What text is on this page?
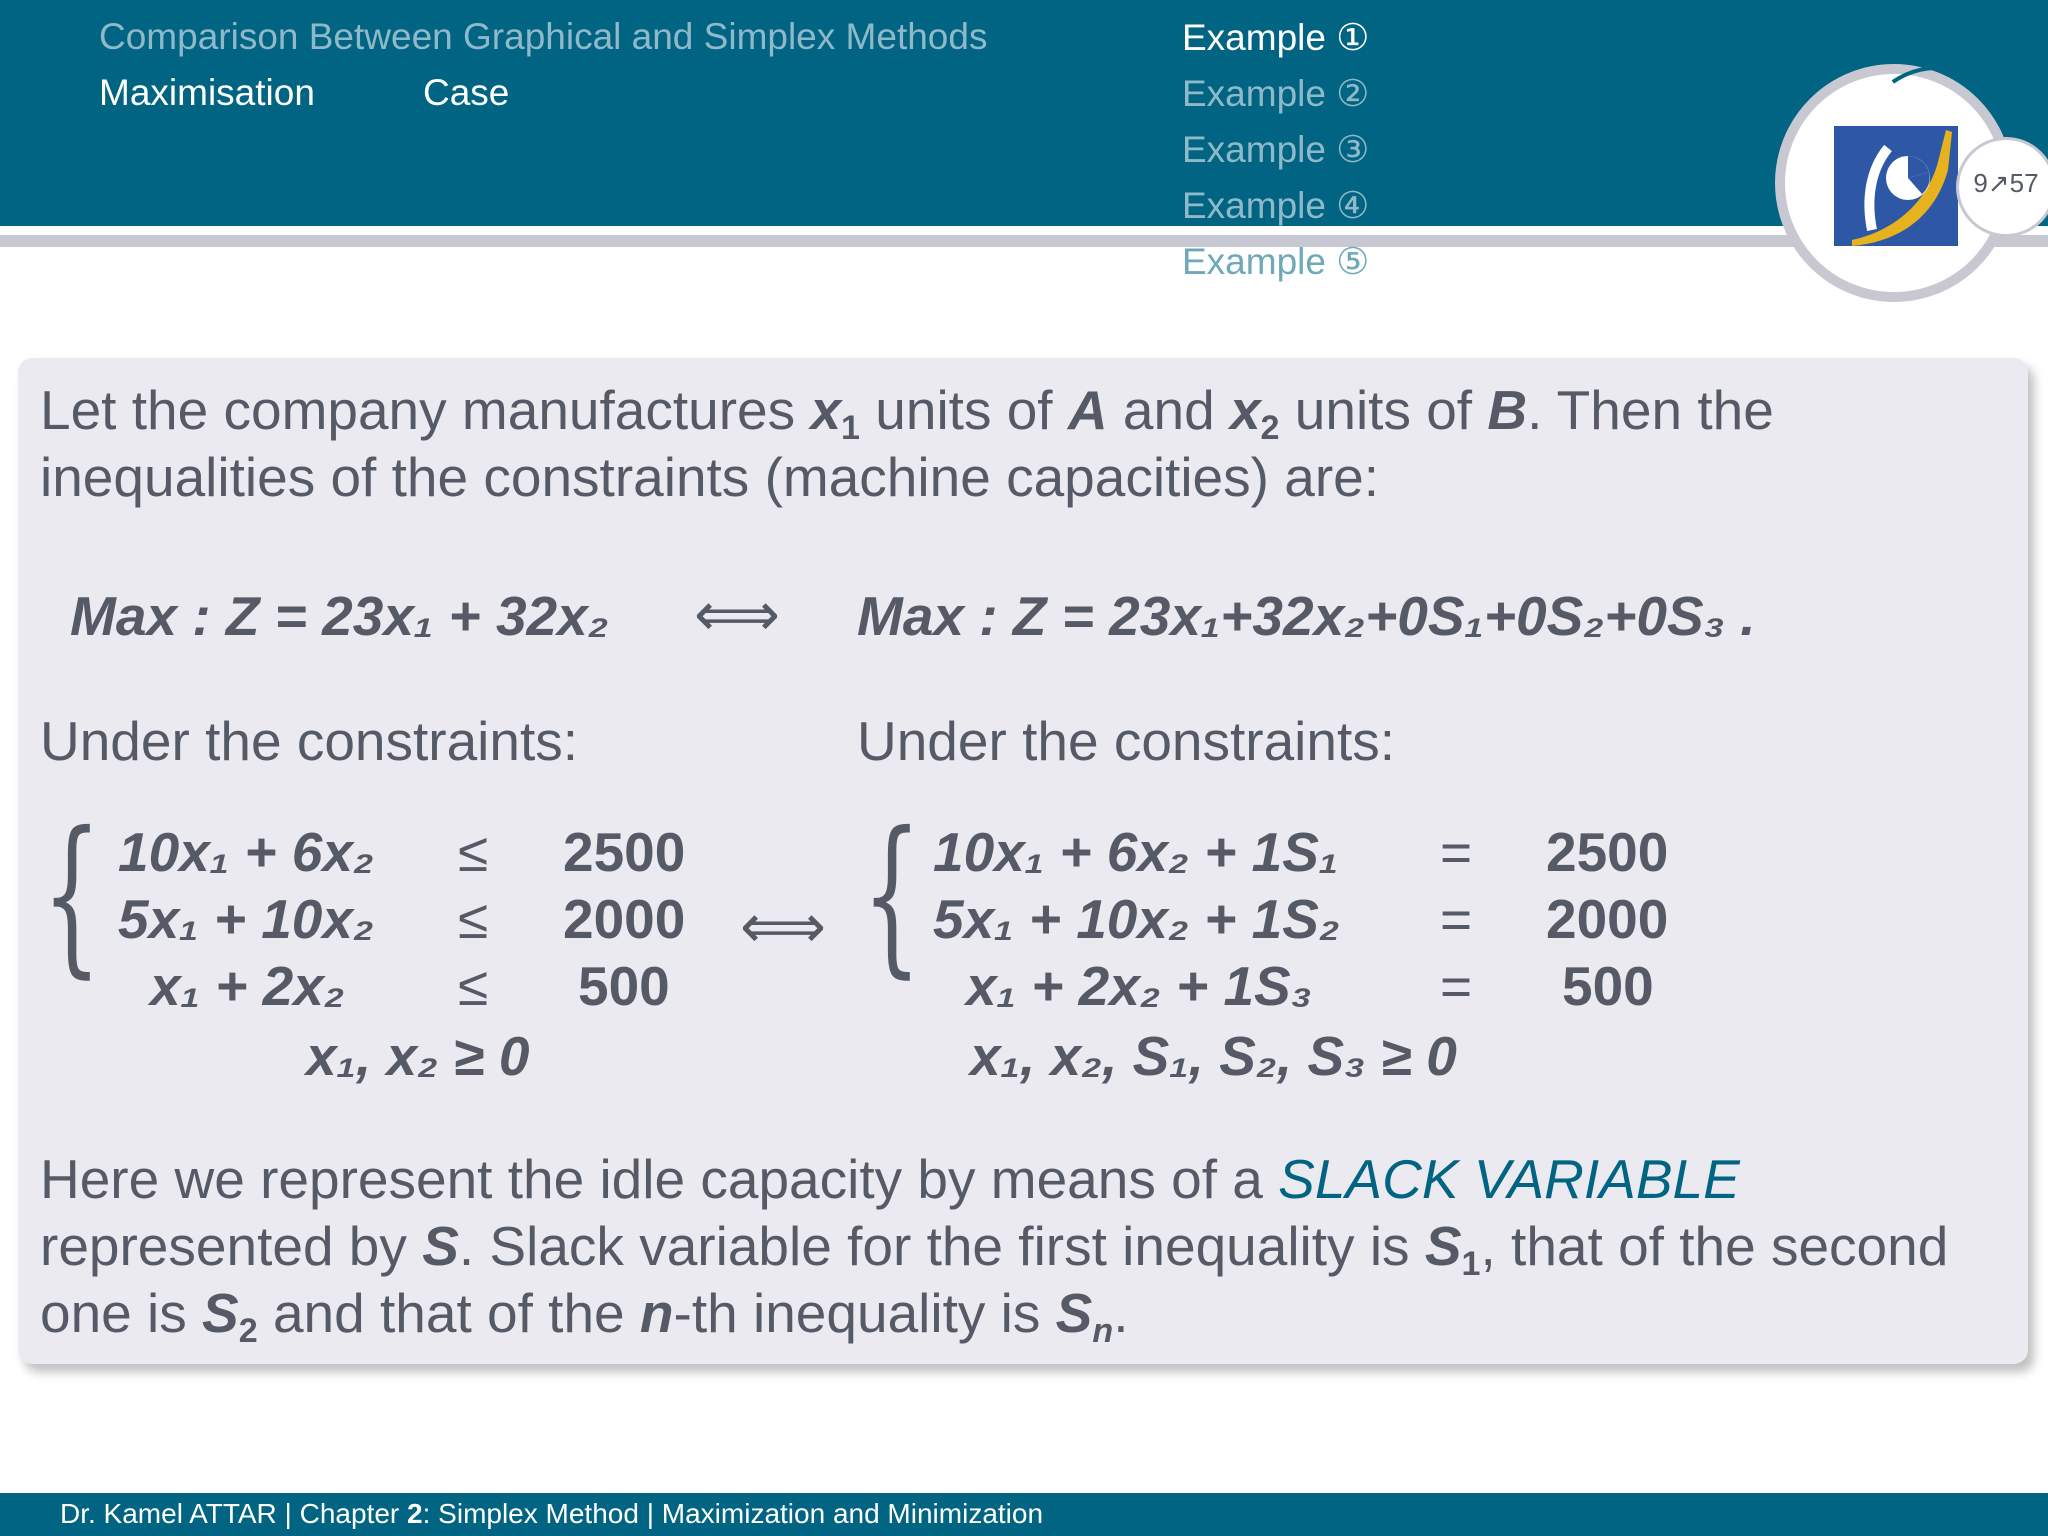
Comparison Between Graphical and Simplex Methods
Maximisation	Case
Example ①
Example ②
Example ③
Example ④
Example ⑤
9↗57
Let the company manufactures $x_1$ units of A and $x_2$ units of B. Then the
inequalities of the constraints (machine capacities) are:
Max : Z = 23x₁ + 32x₂ ⟺ Max : Z = 23x₁+32x₂+0S₁+0S₂+0S₃ .
Under the constraints:	Under the constraints:
{ 10x₁ + 6x₂ ≤ 2500
5x₁ + 10x₂ ≤ 2000
x₁ + 2x₂ ≤ 500
x₁, x₂ ≥ 0
⟺ { 10x₁ + 6x₂ + 1S₁ = 2500
5x₁ + 10x₂ + 1S₂ = 2000
x₁ + 2x₂ + 1S₃ = 500
x₁, x₂, S₁, S₂, S₃ ≥ 0
Here we represent the idle capacity by means of a SLACK VARIABLE
represented by S. Slack variable for the first inequality is $S_1$, that of the second
one is $S_2$ and that of the n-th inequality is $S_n$.
Dr. Kamel ATTAR | Chapter 2: Simplex Method | Maximization and Minimization
